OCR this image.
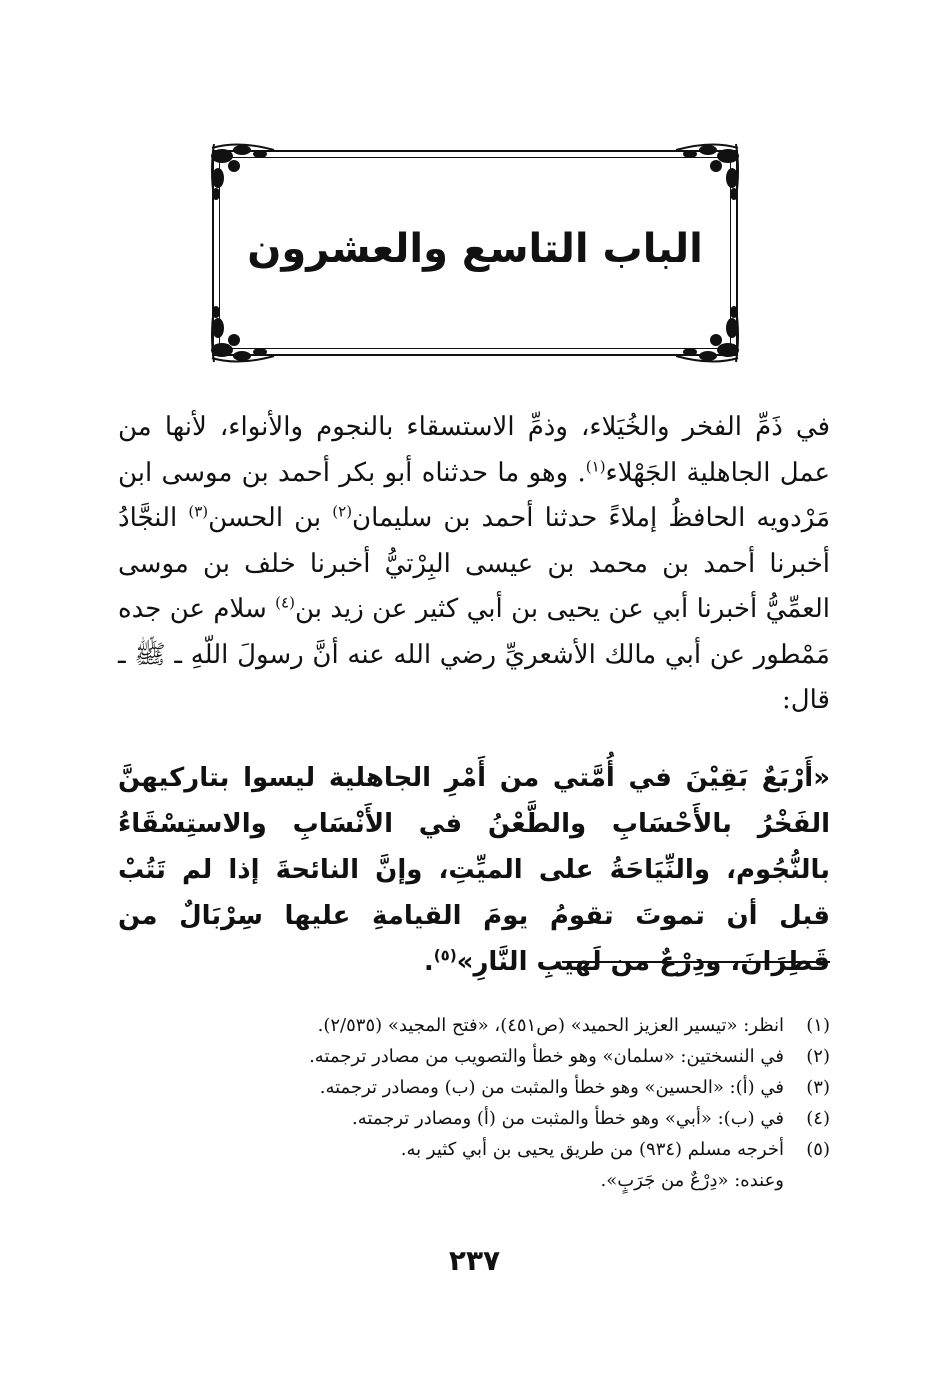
الباب التاسع والعشرون

في ذَمِّ الفخر والخُيَلاء، وذمِّ الاستسقاء بالنجوم والأنواء، لأنها من عمل الجاهلية الجَهْلاء$^{(١)}$. وهو ما حدثناه أبو بكر أحمد بن موسى ابن مَرْدويه الحافظُ إملاءً حدثنا أحمد بن سليمان$^{(٢)}$ بن الحسن$^{(٣)}$ النجَّادُ أخبرنا أحمد بن محمد بن عيسى البِرْتيُّ أخبرنا خلف بن موسى العمِّيُّ أخبرنا أبي عن يحيى بن أبي كثير عن زيد بن$^{(٤)}$ سلام عن جده مَمْطور عن أبي مالك الأشعريِّ رضي الله عنه أنَّ رسولَ اللّهِ ـ ﷺ ـ قال:

«أَرْبَعٌ بَقِيْنَ في أُمَّتي من أَمْرِ الجاهلية ليسوا بتاركيهنَّ الفَخْرُ بالأَحْسَابِ والطَّعْنُ في الأَنْسَابِ والاستِسْقَاءُ بالنُّجُوم، والنِّيَاحَةُ على الميِّتِ، وإنَّ النائحةَ إذا لم تَتُبْ قبل أن تموتَ تقومُ يومَ القيامةِ عليها سِرْبَالٌ من قَطِرَانَ، ودِرْعٌ من لَهيبِ النَّارِ»$^{(٥)}$.
(١)
انظر: «تيسير العزيز الحميد» (ص٤٥١)، «فتح المجيد» (٢/٥٣٥).
(٢)
في النسختين: «سلمان» وهو خطأ والتصويب من مصادر ترجمته.
(٣)
في (أ): «الحسين» وهو خطأ والمثبت من (ب) ومصادر ترجمته.
(٤)
في (ب): «أبي» وهو خطأ والمثبت من (أ) ومصادر ترجمته.
(٥)
أخرجه مسلم (٩٣٤) من طريق يحيى بن أبي كثير به.
وعنده: «دِرْعٌ من جَرَبٍ».
٢٣٧
